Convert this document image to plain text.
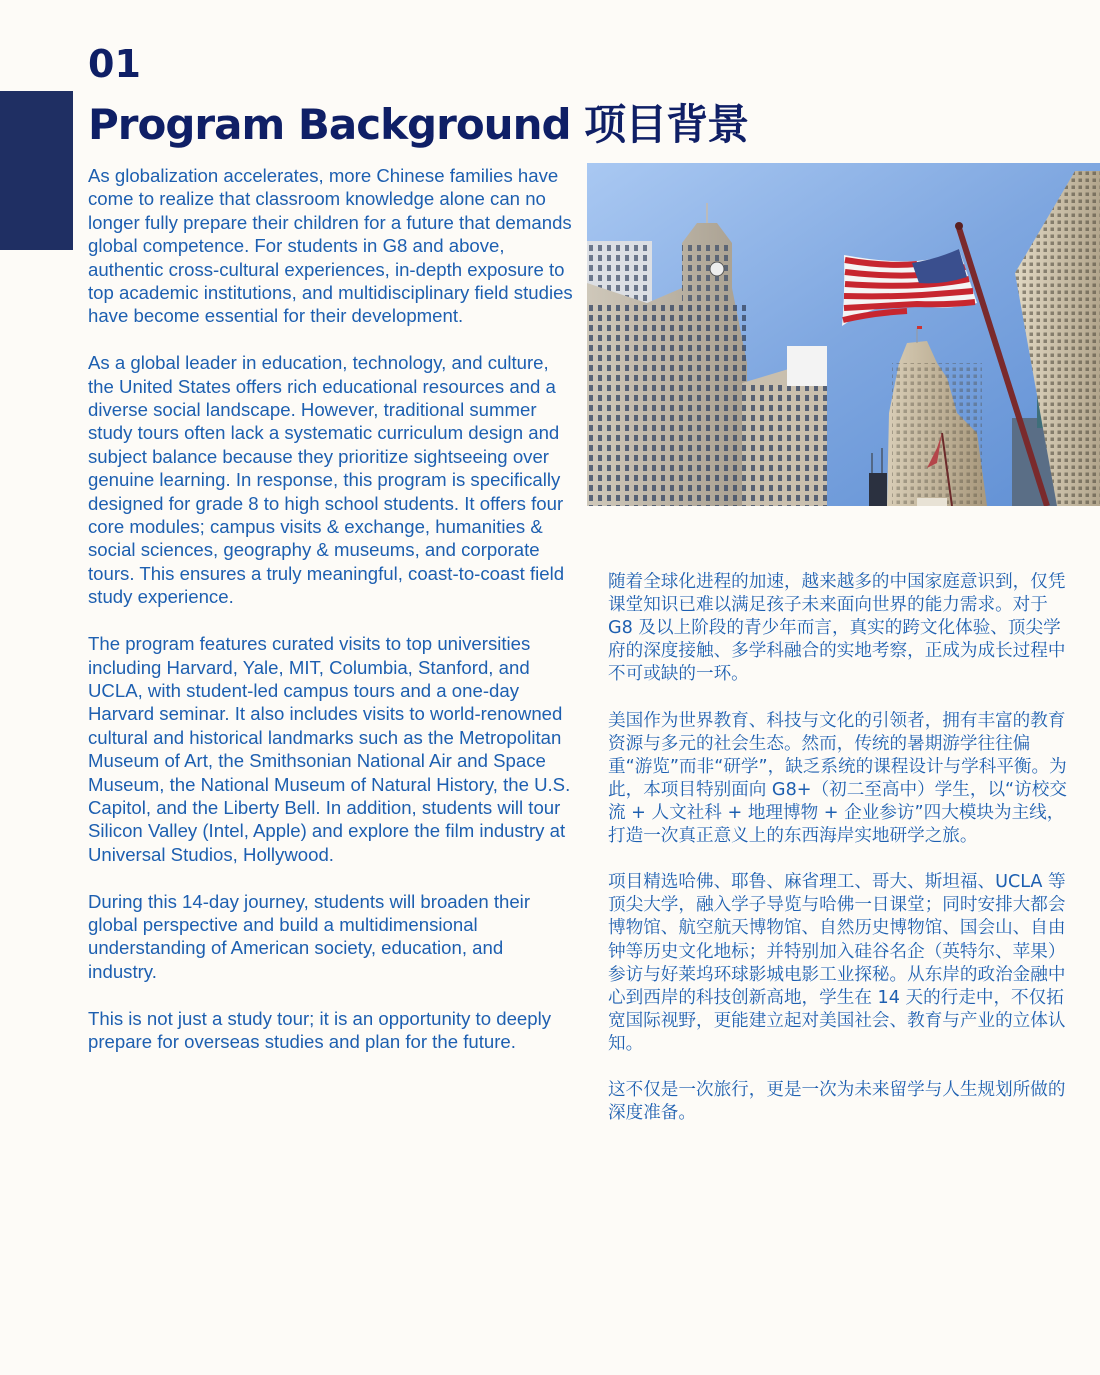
01
Program Background 项目背景

As globalization accelerates, more Chinese families have come to realize that classroom knowledge alone can no longer fully prepare their children for a future that demands global competence. For students in G8 and above, authentic cross-cultural experiences, in-depth exposure to top academic institutions, and multidisciplinary field studies have become essential for their development.

As a global leader in education, technology, and culture, the United States offers rich educational resources and a diverse social landscape. However, traditional summer study tours often lack a systematic curriculum design and subject balance because they prioritize sightseeing over genuine learning. In response, this program is specifically designed for grade 8 to high school students. It offers four core modules; campus visits & exchange, humanities & social sciences, geography & museums, and corporate tours. This ensures a truly meaningful, coast-to-coast field study experience.

The program features curated visits to top universities including Harvard, Yale, MIT, Columbia, Stanford, and UCLA, with student-led campus tours and a one-day Harvard seminar. It also includes visits to world-renowned cultural and historical landmarks such as the Metropolitan Museum of Art, the Smithsonian National Air and Space Museum, the National Museum of Natural History, the U.S. Capitol, and the Liberty Bell. In addition, students will tour Silicon Valley (Intel, Apple) and explore the film industry at Universal Studios, Hollywood.

During this 14-day journey, students will broaden their global perspective and build a multidimensional understanding of American society, education, and industry.

This is not just a study tour; it is an opportunity to deeply prepare for overseas studies and plan for the future.

随着全球化进程的加速，越来越多的中国家庭意识到，仅凭课堂知识已难以满足孩子未来面向世界的能力需求。对于 G8 及以上阶段的青少年而言，真实的跨文化体验、顶尖学府的深度接触、多学科融合的实地考察，正成为成长过程中不可或缺的一环。

美国作为世界教育、科技与文化的引领者，拥有丰富的教育资源与多元的社会生态。然而，传统的暑期游学往往偏重“游览”而非“研学”，缺乏系统的课程设计与学科平衡。为此，本项目特别面向 G8+（初二至高中）学生，以“访校交流 + 人文社科 + 地理博物 + 企业参访”四大模块为主线，打造一次真正意义上的东西海岸实地研学之旅。

项目精选哈佛、耶鲁、麻省理工、哥大、斯坦福、UCLA 等顶尖大学，融入学子导览与哈佛一日课堂；同时安排大都会博物馆、航空航天博物馆、自然历史博物馆、国会山、自由钟等历史文化地标；并特别加入硅谷名企（英特尔、苹果）参访与好莱坞环球影城电影工业探秘。从东岸的政治金融中心到西岸的科技创新高地，学生在 14 天的行走中，不仅拓宽国际视野，更能建立起对美国社会、教育与产业的立体认知。

这不仅是一次旅行，更是一次为未来留学与人生规划所做的深度准备。
